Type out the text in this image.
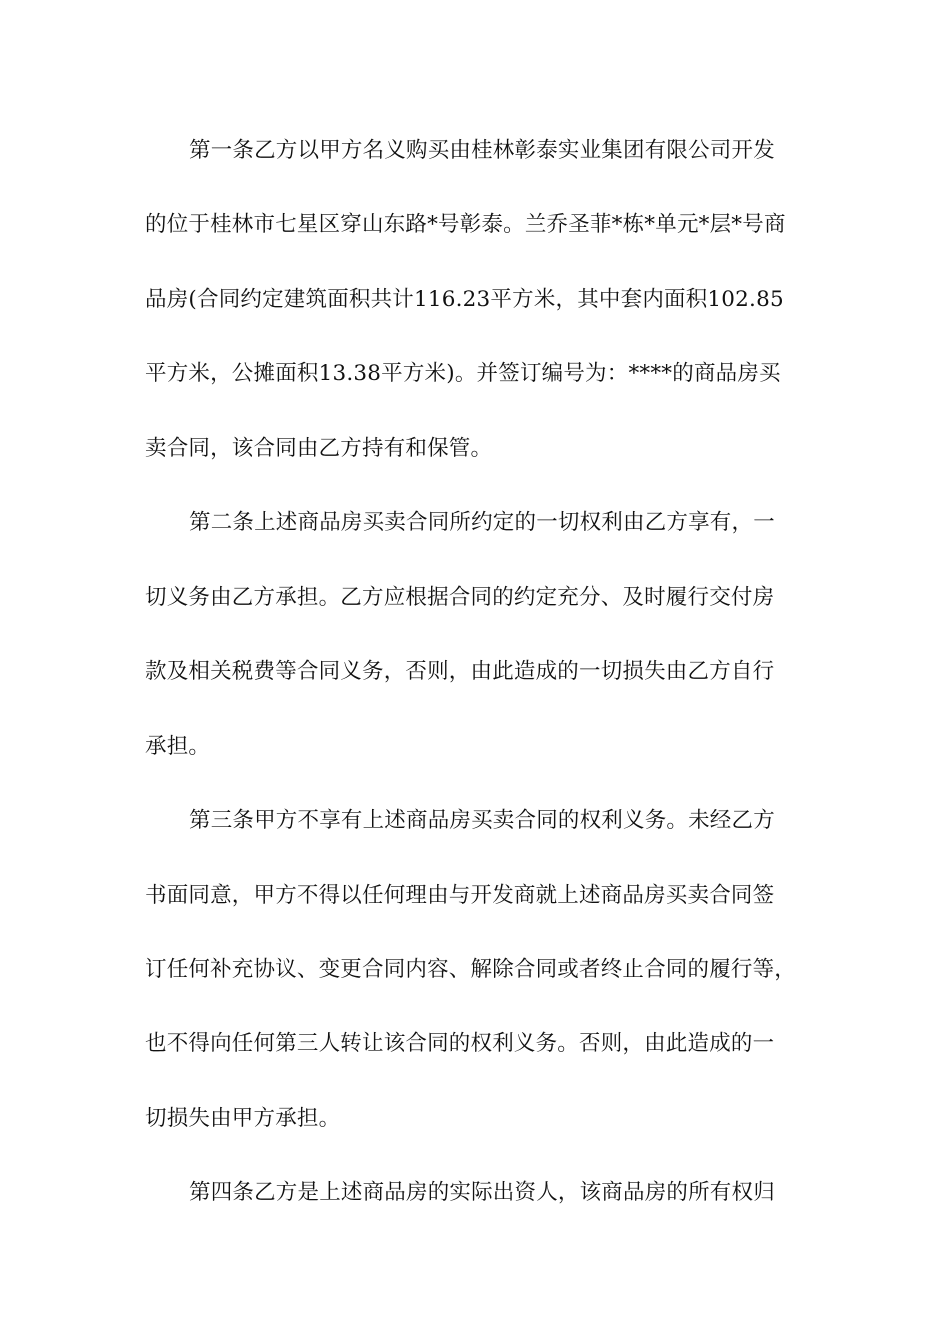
第一条乙方以甲方名义购买由桂林彰泰实业集团有限公司开发
的位于桂林市七星区穿山东路*号彰泰。兰乔圣菲*栋*单元*层*号商
品房(合同约定建筑面积共计116.23平方米，其中套内面积102.85
平方米，公摊面积13.38平方米)。并签订编号为：****的商品房买
卖合同，该合同由乙方持有和保管。
第二条上述商品房买卖合同所约定的一切权利由乙方享有，一
切义务由乙方承担。乙方应根据合同的约定充分、及时履行交付房
款及相关税费等合同义务，否则，由此造成的一切损失由乙方自行
承担。
第三条甲方不享有上述商品房买卖合同的权利义务。未经乙方
书面同意，甲方不得以任何理由与开发商就上述商品房买卖合同签
订任何补充协议、变更合同内容、解除合同或者终止合同的履行等，
也不得向任何第三人转让该合同的权利义务。否则，由此造成的一
切损失由甲方承担。
第四条乙方是上述商品房的实际出资人，该商品房的所有权归
